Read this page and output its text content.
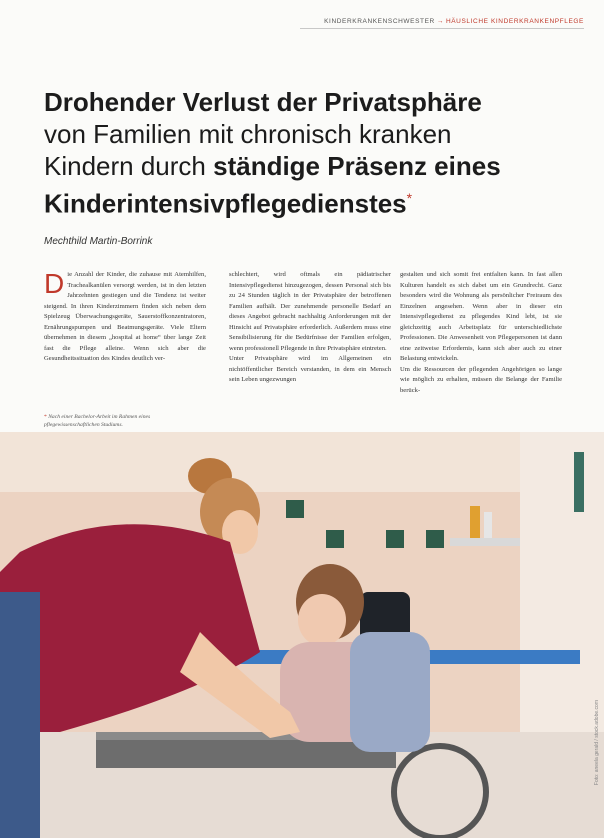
KINDERKRANKENSCHWESTER → HÄUSLICHE KINDERKRANKENPFLEGE
Drohender Verlust der Privatsphäre
von Familien mit chronisch kranken
Kindern durch ständige Präsenz eines
Kinderintensivpflegedienstes*
Mechthild Martin-Borrink
Die Anzahl der Kinder, die zuhause mit Atemhilfen, Trachealkanülen versorgt werden, ist in den letzten Jahrzehnten gestiegen und die Tendenz ist weiter steigend. In ihren Kinderzimmern finden sich neben dem Spielzeug Überwachungsgeräte, Sauerstoffkonzentratoren, Ernährungspumpen und Beatmungsgeräte. Viele Eltern übernehmen in diesem „hospital at home“ über lange Zeit fast die Pflege alleine. Wenn sich aber die Gesundheitssituation des Kindes deutlich ver-
schlechtert, wird oftmals ein pädiatrischer Intensivpflegedienst hinzugezogen, dessen Personal sich bis zu 24 Stunden täglich in der Privatsphäre der betroffenen Familien aufhält. Der zunehmende personelle Bedarf an dieses Angebot gebracht nachhaltig Anforderungen mit der Hinsicht auf Privatsphäre erforderlich. Außerdem muss eine Sensibilisierung für die Bedürfnisse der Familien erfolgen, wenn professionell Pflegende in ihre Privatsphäre eintreten.
Unter Privatsphäre wird im Allgemeinen ein nichtöffentlicher Bereich verstanden, in dem ein Mensch sein Leben ungezwungen
gestalten und sich somit frei entfalten kann. In fast allen Kulturen handelt es sich dabei um ein Grundrecht. Ganz besonders wird die Wohnung als persönlicher Freiraum des Einzelnen angesehen. Wenn aber in dieser ein Intensivpflegedienst zu pflegendes Kind lebt, ist sie gleichzeitig auch Arbeitsplatz für unterschiedlichste Professionen. Die Anwesenheit von Pflegepersonen ist dann eine zeitweise Erfordernis, kann sich aber auch zu einer Belastung entwickeln.
Um die Ressourcen der pflegenden Angehörigen so lange wie möglich zu erhalten, müssen die Belange der Familie berück-
* Nach einer Bachelor-Arbeit im Rahmen eines pflegewissenschaftlichen Studiums.
Foto: aneela gerald / stock.adobe.com
